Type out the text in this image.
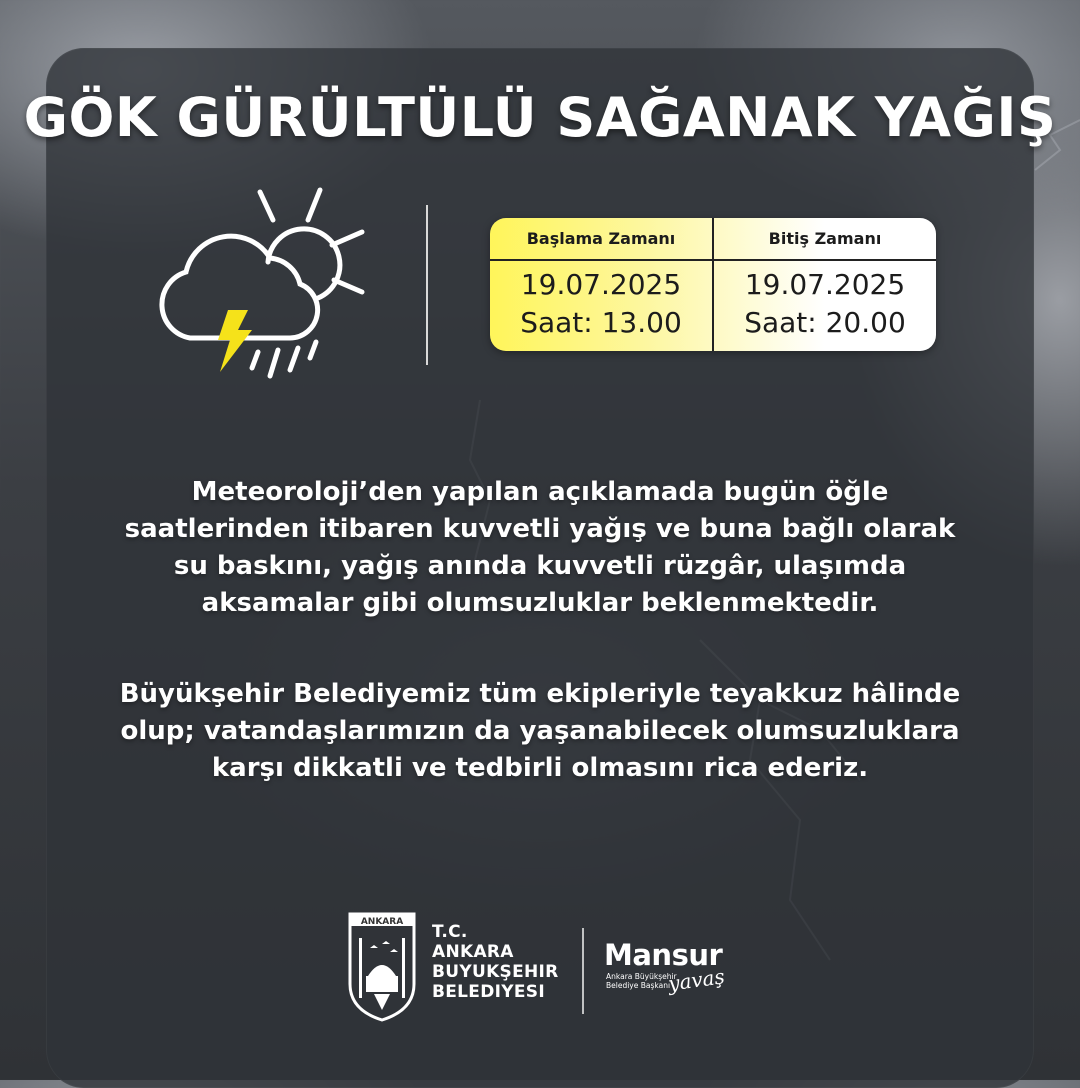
GÖK GÜRÜLTÜLÜ SAĞANAK YAĞIŞ
Başlama Zamanı
19.07.2025
Saat: 13.00
Bitiş Zamanı
19.07.2025
Saat: 20.00
Meteoroloji’den yapılan açıklamada bugün öğle
saatlerinden itibaren kuvvetli yağış ve buna bağlı olarak
su baskını, yağış anında kuvvetli rüzgâr, ulaşımda
aksamalar gibi olumsuzluklar beklenmektedir.
Büyükşehir Belediyemiz tüm ekipleriyle teyakkuz hâlinde
olup; vatandaşlarımızın da yaşanabilecek olumsuzluklara
karşı dikkatli ve tedbirli olmasını rica ederiz.
ANKARA T.C.
ANKARA
BUYUKŞEHIR
BELEDIYESI
Mansur
Ankara Büyükşehir
Belediye Başkanı
yavaş
